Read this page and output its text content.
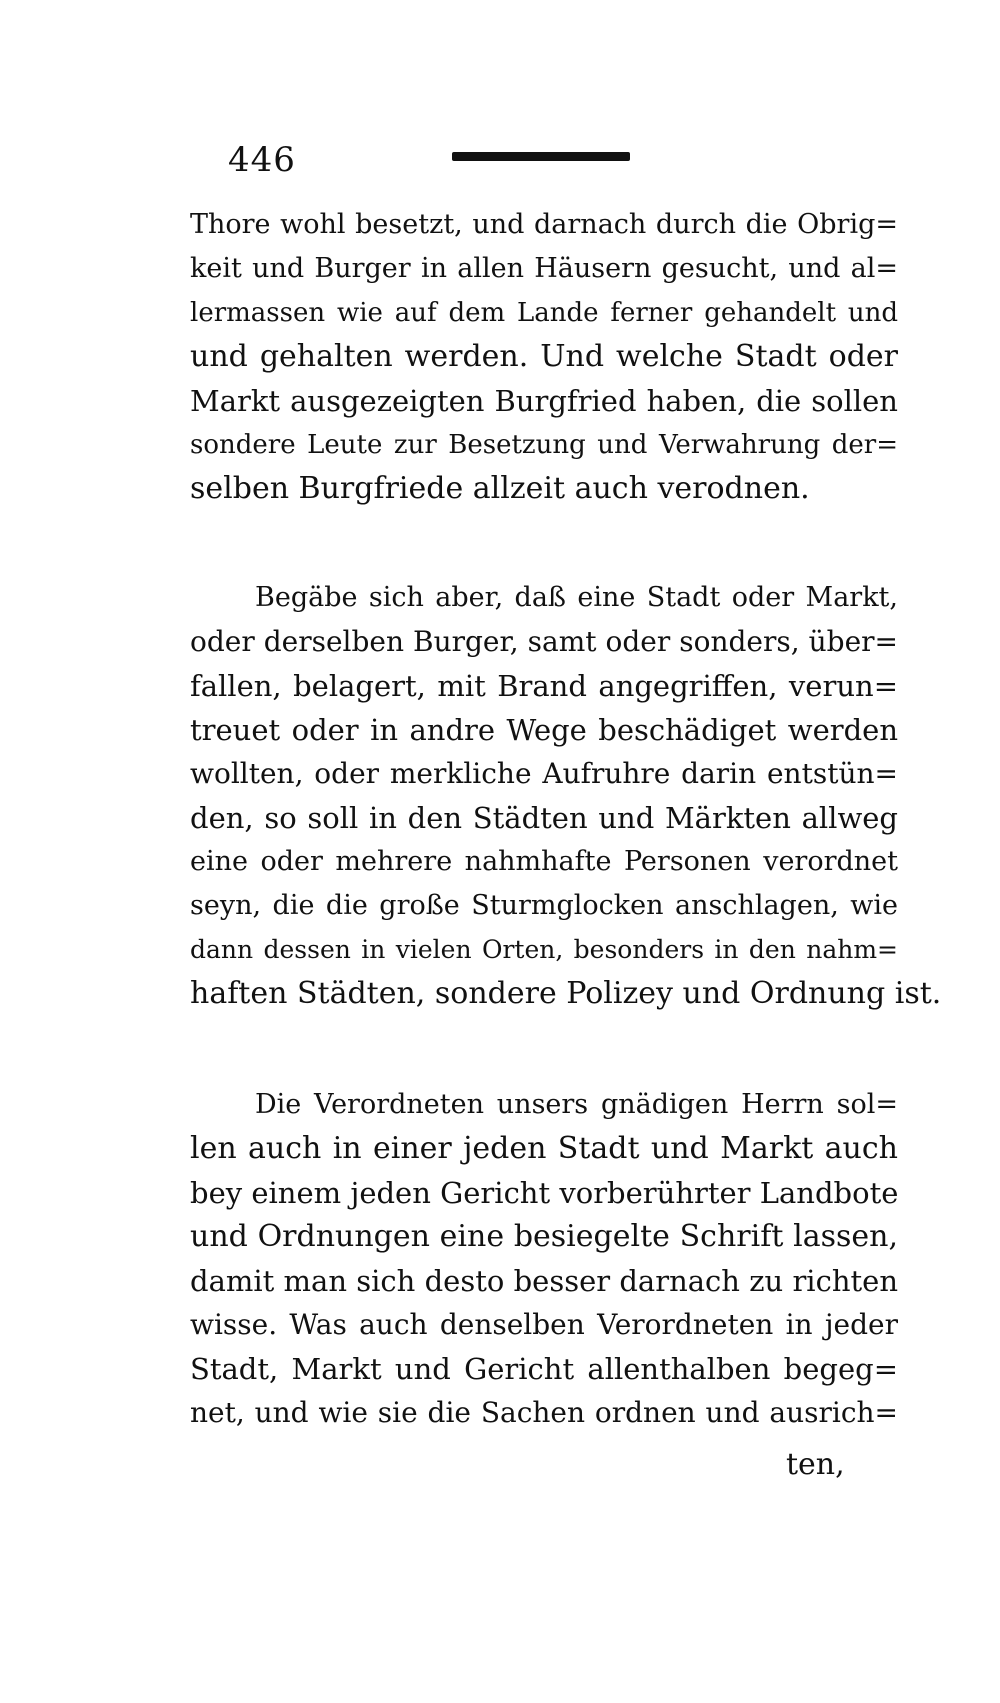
446
Thore wohl besetzt, und darnach durch die Obrig=
keit und Burger in allen Häusern gesucht, und al=
lermassen wie auf dem Lande ferner gehandelt und
und gehalten werden. Und welche Stadt oder
Markt ausgezeigten Burgfried haben, die sollen
sondere Leute zur Besetzung und Verwahrung der=
selben Burgfriede allzeit auch verodnen.
Begäbe sich aber, daß eine Stadt oder Markt,
oder derselben Burger, samt oder sonders, über=
fallen, belagert, mit Brand angegriffen, verun=
treuet oder in andre Wege beschädiget werden
wollten, oder merkliche Aufruhre darin entstün=
den, so soll in den Städten und Märkten allweg
eine oder mehrere nahmhafte Personen verordnet
seyn, die die große Sturmglocken anschlagen, wie
dann dessen in vielen Orten, besonders in den nahm=
haften Städten, sondere Polizey und Ordnung ist.
Die Verordneten unsers gnädigen Herrn sol=
len auch in einer jeden Stadt und Markt auch
bey einem jeden Gericht vorberührter Landbote
und Ordnungen eine besiegelte Schrift lassen,
damit man sich desto besser darnach zu richten
wisse. Was auch denselben Verordneten in jeder
Stadt, Markt und Gericht allenthalben begeg=
net, und wie sie die Sachen ordnen und ausrich=
ten,
